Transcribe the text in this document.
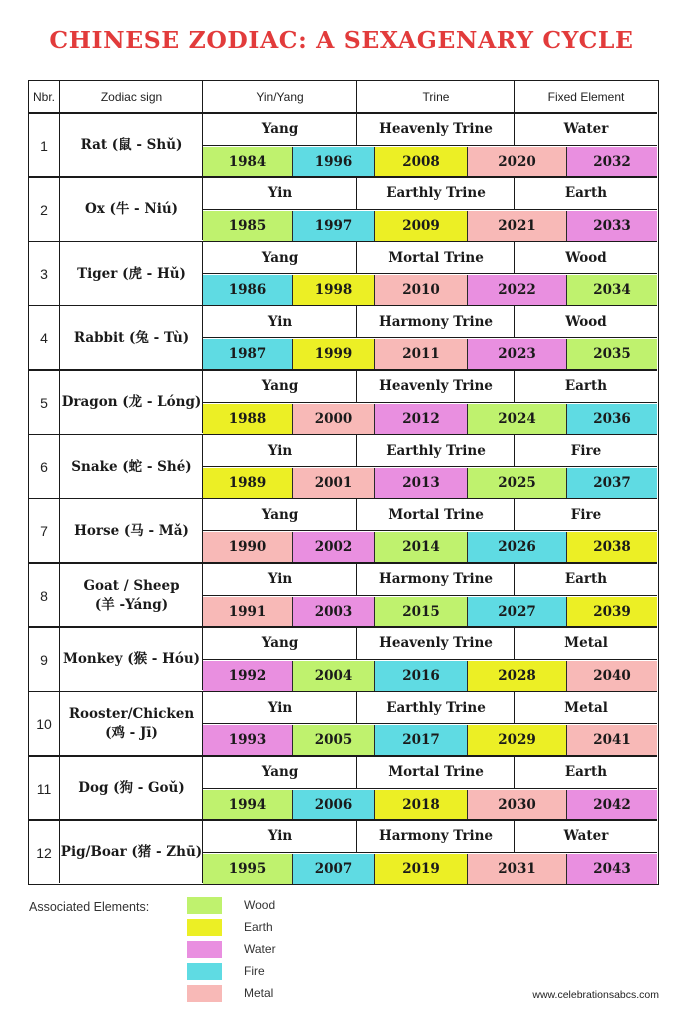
CHINESE ZODIAC: A SEXAGENARY CYCLE
Nbr.	Zodiac sign	Yin/Yang	Trine	Fixed Element
1	Rat (鼠 - Shǔ)
Yang	Heavenly Trine	Water
1984	1996	2008	2020	2032
2	Ox (牛 - Niú)
Yin	Earthly Trine	Earth
1985	1997	2009	2021	2033
3	Tiger (虎 - Hǔ)
Yang	Mortal Trine	Wood
1986	1998	2010	2022	2034
4	Rabbit (兔 - Tù)
Yin	Harmony Trine	Wood
1987	1999	2011	2023	2035
5	Dragon (龙 - Lóng)
Yang	Heavenly Trine	Earth
1988	2000	2012	2024	2036
6	Snake (蛇 - Shé)
Yin	Earthly Trine	Fire
1989	2001	2013	2025	2037
7	Horse (马 - Mǎ)
Yang	Mortal Trine	Fire
1990	2002	2014	2026	2038
8
Goat / Sheep
(羊 -Yáng)
Yin	Harmony Trine	Earth
1991	2003	2015	2027	2039
9	Monkey (猴 - Hóu)
Yang	Heavenly Trine	Metal
1992	2004	2016	2028	2040
10
Rooster/Chicken
(鸡 - Jī)
Yin	Earthly Trine	Metal
1993	2005	2017	2029	2041
11	Dog (狗 - Goǔ)
Yang	Mortal Trine	Earth
1994	2006	2018	2030	2042
12 Pig/Boar (猪 - Zhū)
Yin	Harmony Trine	Water
1995	2007	2019	2031	2043
Associated Elements:	Wood
Earth
Water
Fire
Metal	www.celebrationsabcs.com
